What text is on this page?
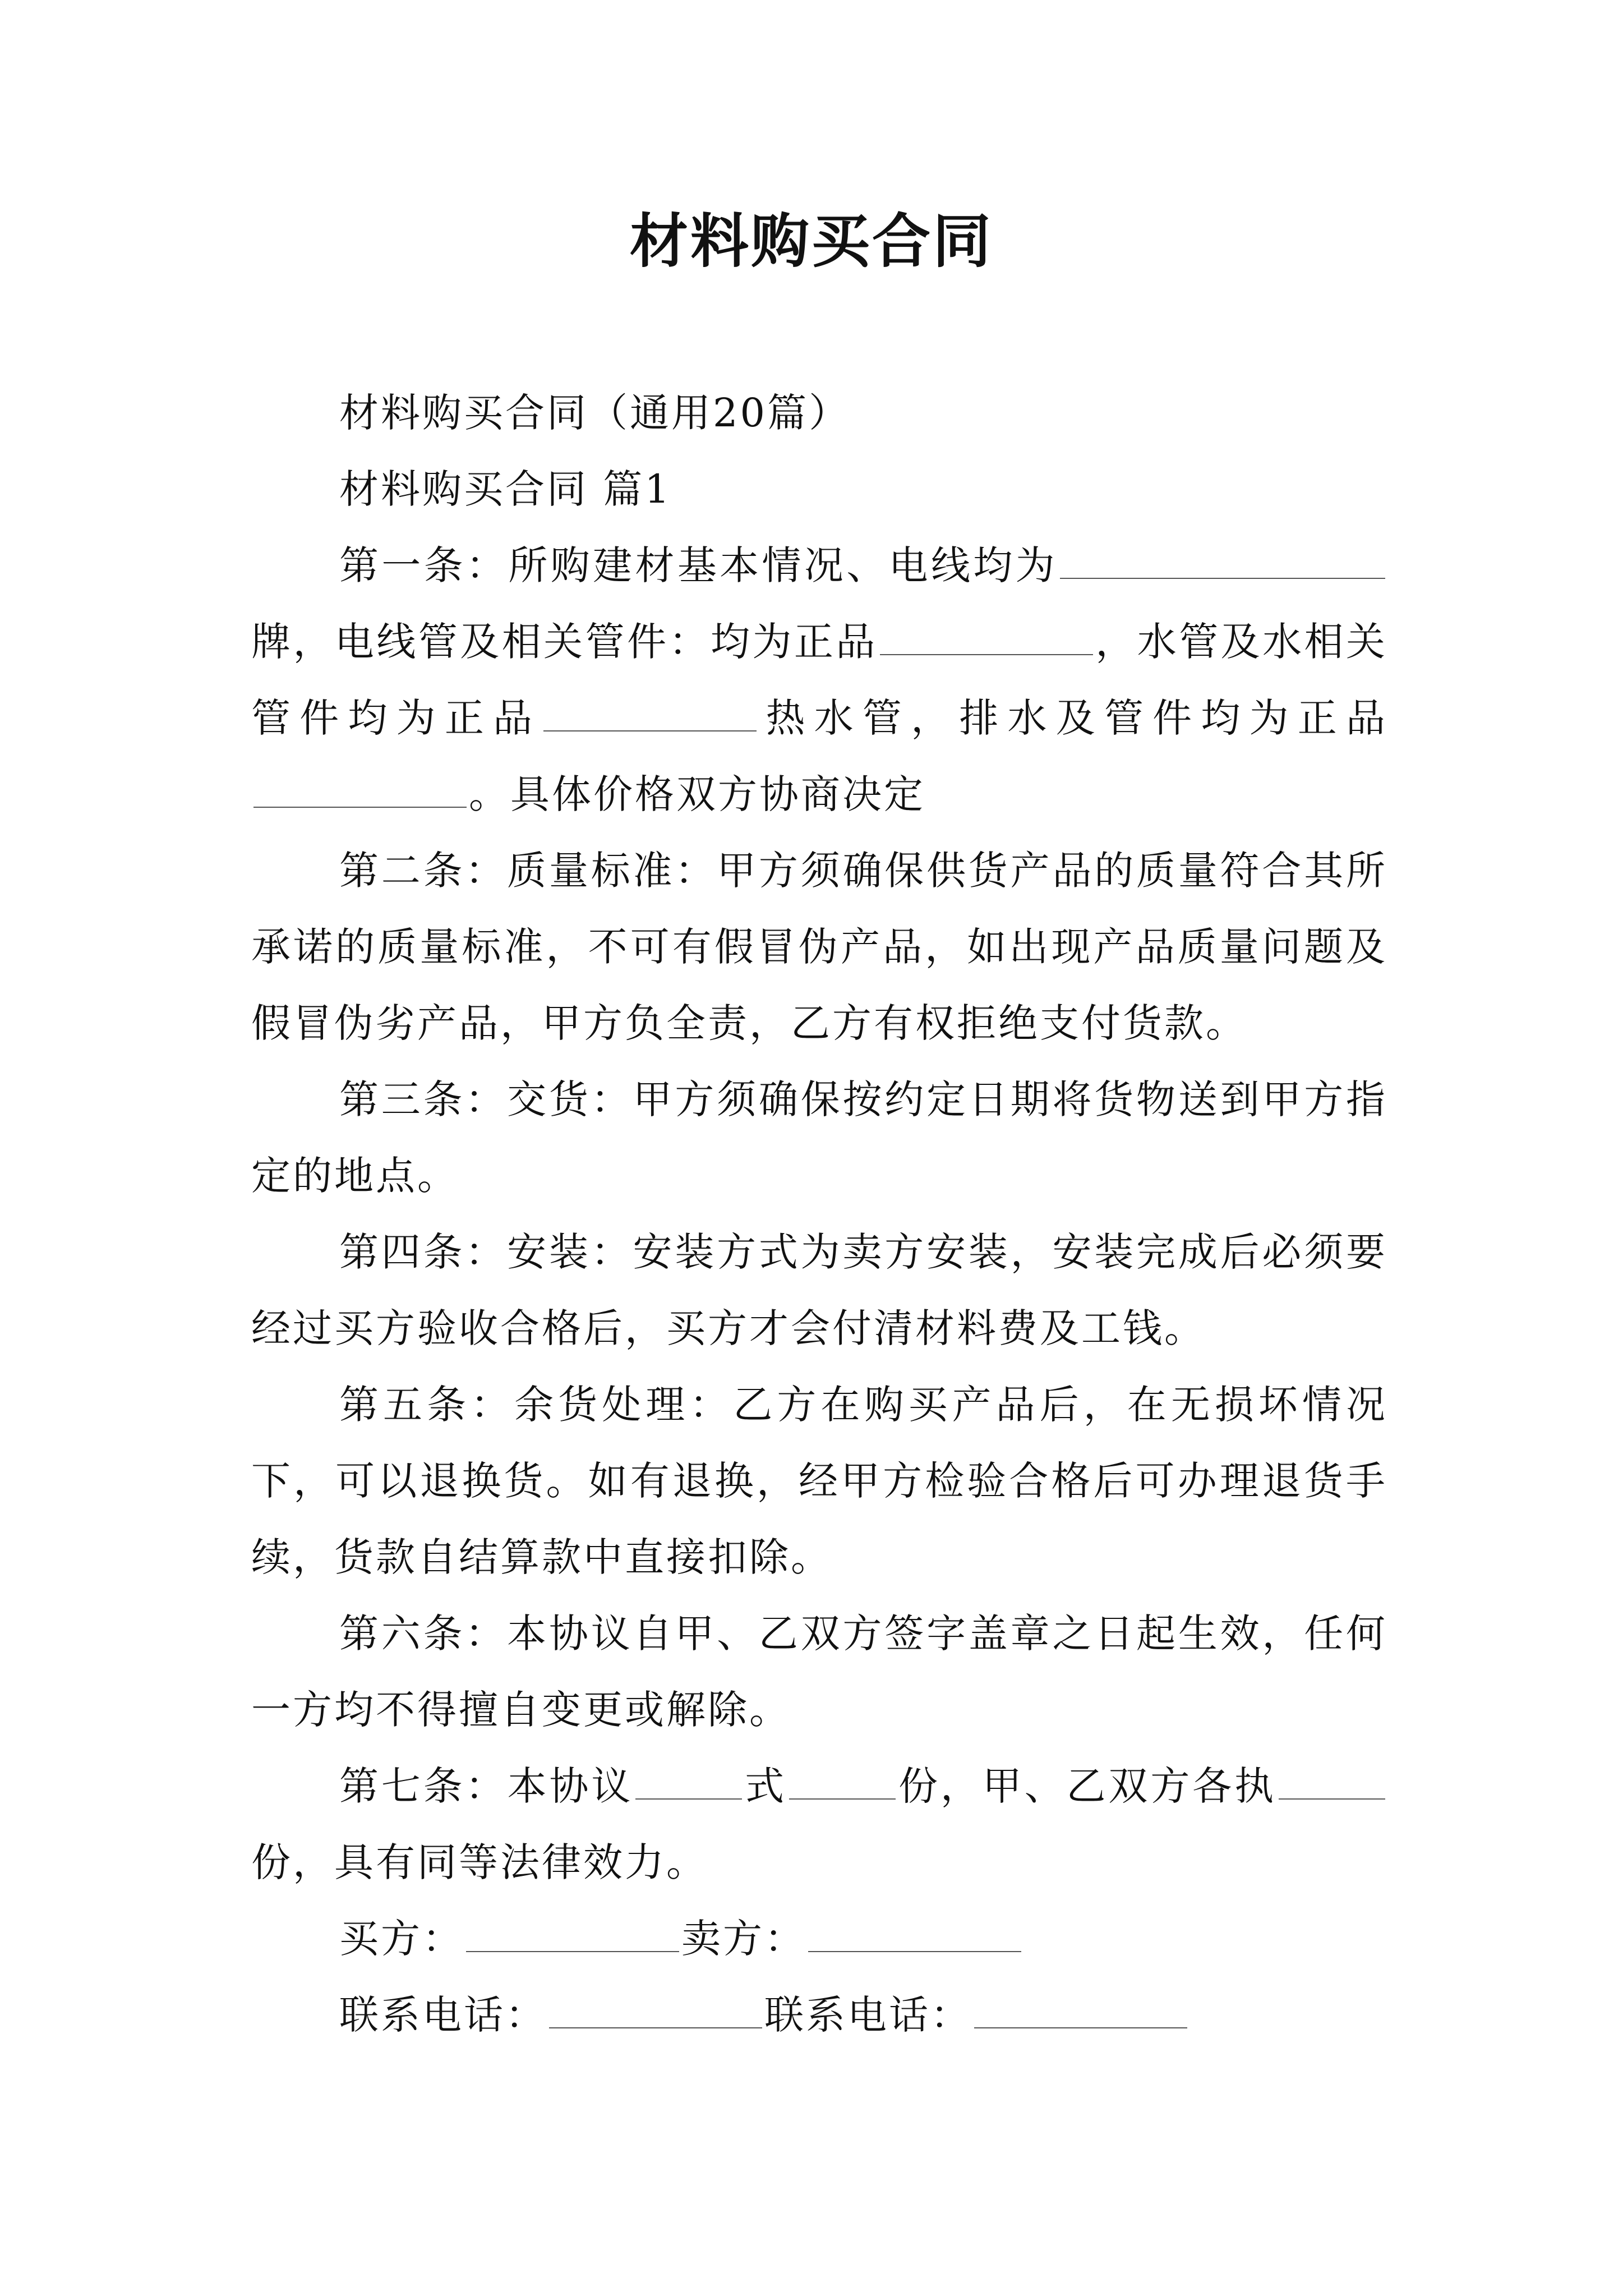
材料购买合同

材料购买合同（通用20篇）

材料购买合同 篇1

第一条：所购建材基本情况、电线均为牌，电线管及相关管件：均为正品	，水管及水相关管件均为正品	热水管，排水及管件均为正品。具体价格双方协商决定

第二条：质量标准：甲方须确保供货产品的质量符合其所承诺的质量标准，不可有假冒伪产品，如出现产品质量问题及假冒伪劣产品，甲方负全责，乙方有权拒绝支付货款。

第三条：交货：甲方须确保按约定日期将货物送到甲方指定的地点。

第四条：安装：安装方式为卖方安装，安装完成后必须要经过买方验收合格后，买方才会付清材料费及工钱。

第五条：余货处理：乙方在购买产品后，在无损坏情况下，可以退换货。如有退换，经甲方检验合格后可办理退货手续，货款自结算款中直接扣除。

第六条：本协议自甲、乙双方签字盖章之日起生效，任何一方均不得擅自变更或解除。

第七条：本协议	式	份，甲、乙双方各执份，具有同等法律效力。

买方：	卖方：

联系电话：	联系电话：
